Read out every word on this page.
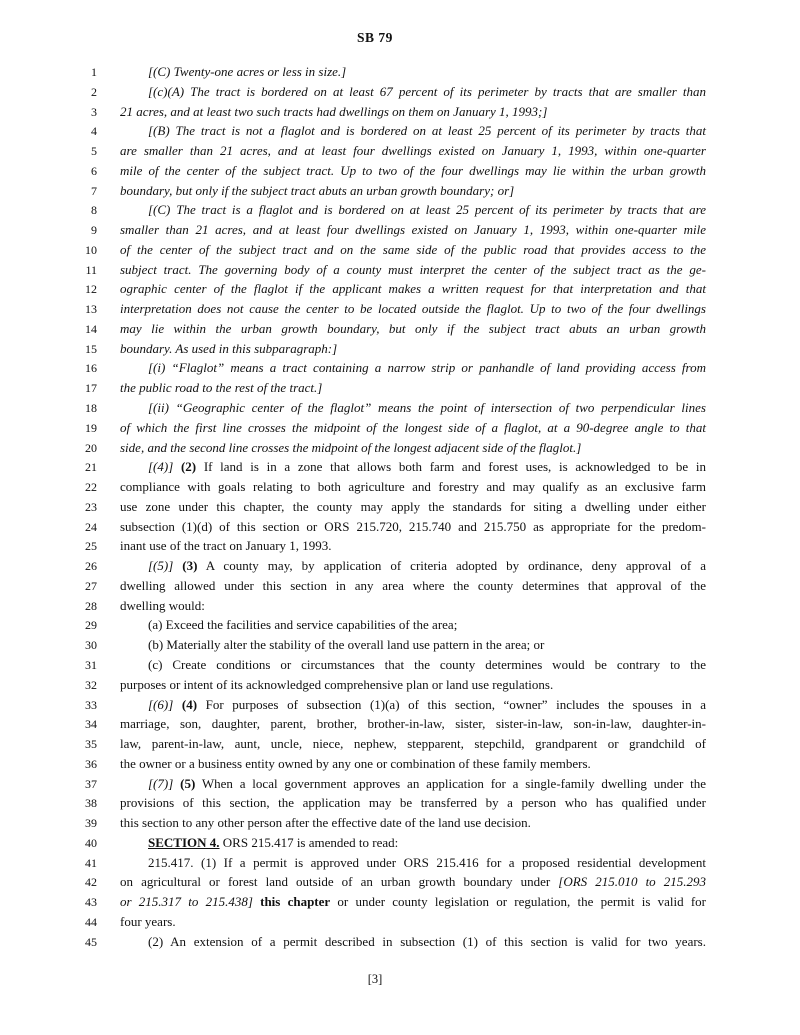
SB 79
1	[(C) Twenty-one acres or less in size.]
2	[(c)(A) The tract is bordered on at least 67 percent of its perimeter by tracts that are smaller than
3 21 acres, and at least two such tracts had dwellings on them on January 1, 1993;]
4	[(B) The tract is not a flaglot and is bordered on at least 25 percent of its perimeter by tracts that
5 are smaller than 21 acres, and at least four dwellings existed on January 1, 1993, within one-quarter
6 mile of the center of the subject tract. Up to two of the four dwellings may lie within the urban growth
7 boundary, but only if the subject tract abuts an urban growth boundary; or]
8	[(C) The tract is a flaglot and is bordered on at least 25 percent of its perimeter by tracts that are
9 smaller than 21 acres, and at least four dwellings existed on January 1, 1993, within one-quarter mile
10 of the center of the subject tract and on the same side of the public road that provides access to the
11 subject tract. The governing body of a county must interpret the center of the subject tract as the ge-
12 ographic center of the flaglot if the applicant makes a written request for that interpretation and that
13 interpretation does not cause the center to be located outside the flaglot. Up to two of the four dwellings
14 may lie within the urban growth boundary, but only if the subject tract abuts an urban growth
15 boundary. As used in this subparagraph:]
16	[(i) “Flaglot” means a tract containing a narrow strip or panhandle of land providing access from
17 the public road to the rest of the tract.]
18	[(ii) “Geographic center of the flaglot” means the point of intersection of two perpendicular lines
19 of which the first line crosses the midpoint of the longest side of a flaglot, at a 90-degree angle to that
20 side, and the second line crosses the midpoint of the longest adjacent side of the flaglot.]
21	[(4)] (2) If land is in a zone that allows both farm and forest uses, is acknowledged to be in
22 compliance with goals relating to both agriculture and forestry and may qualify as an exclusive farm
23 use zone under this chapter, the county may apply the standards for siting a dwelling under either
24 subsection (1)(d) of this section or ORS 215.720, 215.740 and 215.750 as appropriate for the predom-
25 inant use of the tract on January 1, 1993.
26	[(5)] (3) A county may, by application of criteria adopted by ordinance, deny approval of a
27 dwelling allowed under this section in any area where the county determines that approval of the
28 dwelling would:
29	(a) Exceed the facilities and service capabilities of the area;
30	(b) Materially alter the stability of the overall land use pattern in the area; or
31	(c) Create conditions or circumstances that the county determines would be contrary to the
32 purposes or intent of its acknowledged comprehensive plan or land use regulations.
33	[(6)] (4) For purposes of subsection (1)(a) of this section, “owner” includes the spouses in a
34 marriage, son, daughter, parent, brother, brother-in-law, sister, sister-in-law, son-in-law, daughter-in-
35 law, parent-in-law, aunt, uncle, niece, nephew, stepparent, stepchild, grandparent or grandchild of
36 the owner or a business entity owned by any one or combination of these family members.
37	[(7)] (5) When a local government approves an application for a single-family dwelling under the
38 provisions of this section, the application may be transferred by a person who has qualified under
39 this section to any other person after the effective date of the land use decision.
40	SECTION 4. ORS 215.417 is amended to read:
41	215.417. (1) If a permit is approved under ORS 215.416 for a proposed residential development
42 on agricultural or forest land outside of an urban growth boundary under [ORS 215.010 to 215.293
43 or 215.317 to 215.438] this chapter or under county legislation or regulation, the permit is valid for
44 four years.
45	(2) An extension of a permit described in subsection (1) of this section is valid for two years.
[3]
